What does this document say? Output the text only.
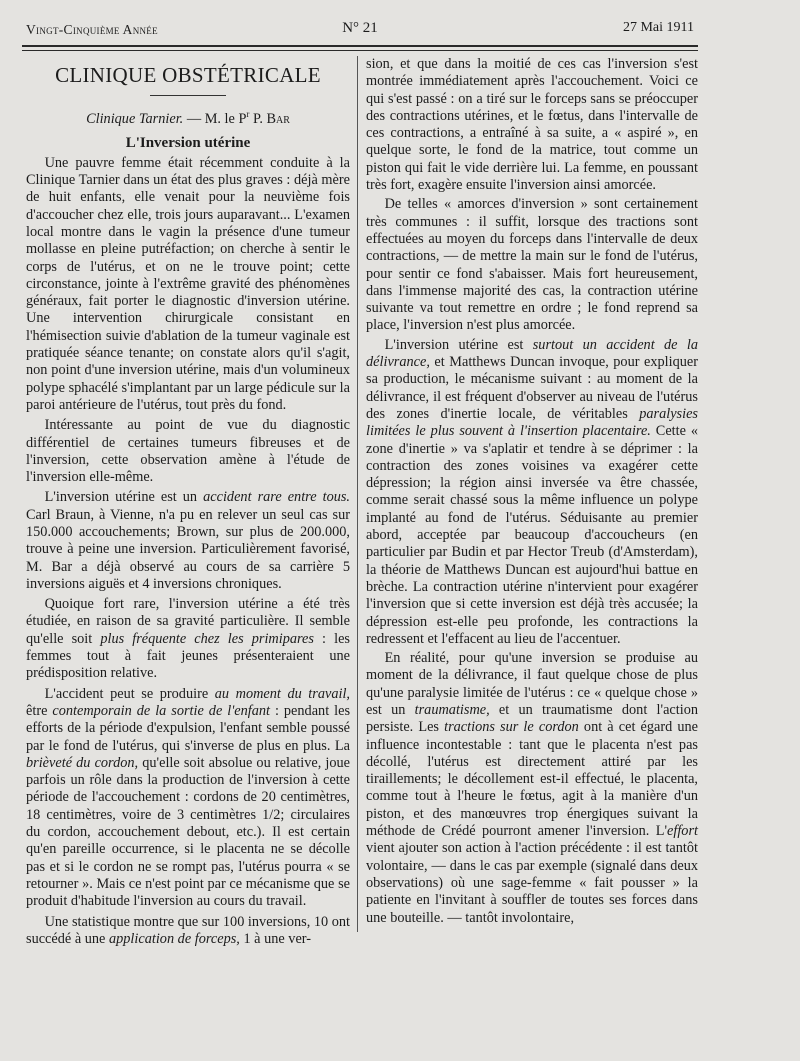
Vingt-Cinquième Année	N° 21	27 Mai 1911
CLINIQUE OBSTÉTRICALE
Clinique Tarnier. — M. le $P^r$ P. Bar
L'Inversion utérine

Une pauvre femme était récemment conduite à la Clinique Tarnier dans un état des plus graves : déjà mère de huit enfants, elle venait pour la neuvième fois d'accoucher chez elle, trois jours auparavant... L'examen local montre dans le vagin la présence d'une tumeur mollasse en pleine putréfaction; on cherche à sentir le corps de l'utérus, et on ne le trouve point; cette circonstance, jointe à l'extrême gravité des phénomènes généraux, fait porter le diagnostic d'inversion utérine. Une intervention chirurgicale consistant en l'hémisection suivie d'ablation de la tumeur vaginale est pratiquée séance tenante; on constate alors qu'il s'agit, non point d'une inversion utérine, mais d'un volumineux polype sphacélé s'implantant par un large pédicule sur la paroi antérieure de l'utérus, tout près du fond.

Intéressante au point de vue du diagnostic différentiel de certaines tumeurs fibreuses et de l'inversion, cette observation amène à l'étude de l'inversion elle-même.

L'inversion utérine est un accident rare entre tous. Carl Braun, à Vienne, n'a pu en relever un seul cas sur 150.000 accouchements; Brown, sur plus de 200.000, trouve à peine une inversion. Particulièrement favorisé, M. Bar a déjà observé au cours de sa carrière 5 inversions aiguës et 4 inversions chroniques.

Quoique fort rare, l'inversion utérine a été très étudiée, en raison de sa gravité particulière. Il semble qu'elle soit plus fréquente chez les primipares : les femmes tout à fait jeunes présenteraient une prédisposition relative.

L'accident peut se produire au moment du travail, être contemporain de la sortie de l'enfant : pendant les efforts de la période d'expulsion, l'enfant semble poussé par le fond de l'utérus, qui s'inverse de plus en plus. La brièveté du cordon, qu'elle soit absolue ou relative, joue parfois un rôle dans la production de l'inversion à cette période de l'accouchement : cordons de 20 centimètres, 18 centimètres, voire de 3 centimètres 1/2; circulaires du cordon, accouchement debout, etc.). Il est certain qu'en pareille occurrence, si le placenta ne se décolle pas et si le cordon ne se rompt pas, l'utérus pourra « se retourner ». Mais ce n'est point par ce mécanisme que se produit d'habitude l'inversion au cours du travail.

Une statistique montre que sur 100 inversions, 10 ont succédé à une application de forceps, 1 à une ver-

sion, et que dans la moitié de ces cas l'inversion s'est montrée immédiatement après l'accouchement. Voici ce qui s'est passé : on a tiré sur le forceps sans se préoccuper des contractions utérines, et le fœtus, dans l'intervalle de ces contractions, a entraîné à sa suite, a « aspiré », en quelque sorte, le fond de la matrice, tout comme un piston qui fait le vide derrière lui. La femme, en poussant très fort, exagère ensuite l'inversion ainsi amorcée.

De telles « amorces d'inversion » sont certainement très communes : il suffit, lorsque des tractions sont effectuées au moyen du forceps dans l'intervalle de deux contractions, — de mettre la main sur le fond de l'utérus, pour sentir ce fond s'abaisser. Mais fort heureusement, dans l'immense majorité des cas, la contraction utérine suivante va tout remettre en ordre ; le fond reprend sa place, l'inversion n'est plus amorcée.

L'inversion utérine est surtout un accident de la délivrance, et Matthews Duncan invoque, pour expliquer sa production, le mécanisme suivant : au moment de la délivrance, il est fréquent d'observer au niveau de l'utérus des zones d'inertie locale, de véritables paralysies limitées le plus souvent à l'insertion placentaire. Cette « zone d'inertie » va s'aplatir et tendre à se déprimer : la contraction des zones voisines va exagérer cette dépression; la région ainsi inversée va être chassée, comme serait chassé sous la même influence un polype implanté au fond de l'utérus. Séduisante au premier abord, acceptée par beaucoup d'accoucheurs (en particulier par Budin et par Hector Treub (d'Amsterdam), la théorie de Matthews Duncan est aujourd'hui battue en brèche. La contraction utérine n'intervient pour exagérer l'inversion que si cette inversion est déjà très accusée; la dépression est-elle peu profonde, les contractions la redressent et l'effacent au lieu de l'accentuer.

En réalité, pour qu'une inversion se produise au moment de la délivrance, il faut quelque chose de plus qu'une paralysie limitée de l'utérus : ce « quelque chose » est un traumatisme, et un traumatisme dont l'action persiste. Les tractions sur le cordon ont à cet égard une influence incontestable : tant que le placenta n'est pas décollé, l'utérus est directement attiré par les tiraillements; le décollement est-il effectué, le placenta, comme tout à l'heure le fœtus, agit à la manière d'un piston, et des manœuvres trop énergiques suivant la méthode de Crédé pourront amener l'inversion. L'effort vient ajouter son action à l'action précédente : il est tantôt volontaire, — dans le cas par exemple (signalé dans deux observations) où une sage-femme « fait pousser » la patiente en l'invitant à souffler de toutes ses forces dans une bouteille. — tantôt involontaire,
